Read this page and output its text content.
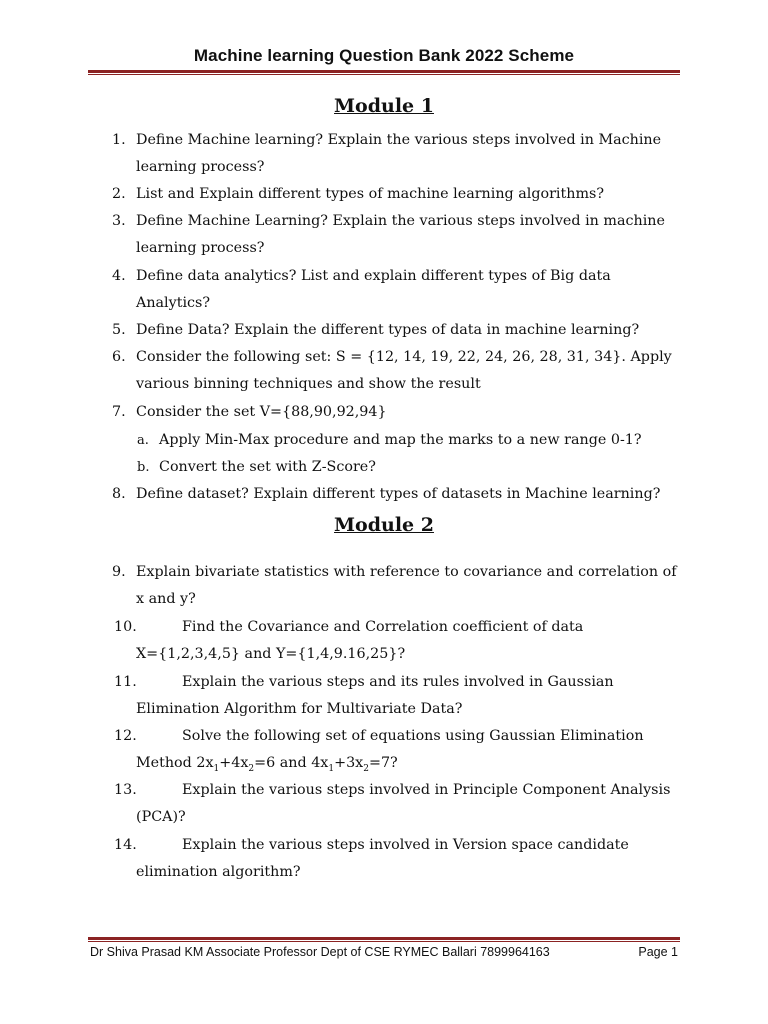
Machine learning Question Bank 2022 Scheme
Module 1
1. Define Machine learning? Explain the various steps involved in Machine learning process?
2. List and Explain different types of machine learning algorithms?
3. Define Machine Learning? Explain the various steps involved in machine learning process?
4. Define data analytics? List and explain different types of Big data Analytics?
5. Define Data? Explain the different types of data in machine learning?
6. Consider the following set: S = {12, 14, 19, 22, 24, 26, 28, 31, 34}. Apply various binning techniques and show the result
7. Consider the set V={88,90,92,94}
a. Apply Min-Max procedure and map the marks to a new range 0-1?
b. Convert the set with Z-Score?
8. Define dataset? Explain different types of datasets in Machine learning?
Module 2
9. Explain bivariate statistics with reference to covariance and correlation of x and y?
10.	Find the Covariance and Correlation coefficient of data
X={1,2,3,4,5} and Y={1,4,9.16,25}?
11.	Explain the various steps and its rules involved in Gaussian
Elimination Algorithm for Multivariate Data?
12.	Solve the following set of equations using Gaussian Elimination
Method $2x_1+4x_2=6$ and $4x_1+3x_2=7$?
13.	Explain the various steps involved in Principle Component Analysis
(PCA)?
14.	Explain the various steps involved in Version space candidate
elimination algorithm?
Dr Shiva Prasad KM Associate Professor Dept of CSE RYMEC Ballari 7899964163	Page 1
